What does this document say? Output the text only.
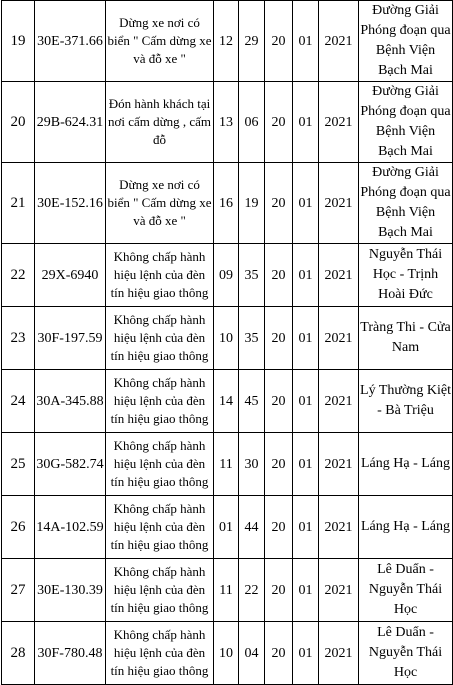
19	30E-371.66	Dừng xe nơi có biển " Cấm dừng xe và đỗ xe "	12	29	20	01	2021	Đường Giải Phóng đoạn qua Bệnh Viện Bạch Mai
20	29B-624.31	Đón hành khách tại nơi cấm dừng , cấm đỗ	13	06	20	01	2021	Đường Giải Phóng đoạn qua Bệnh Viện Bạch Mai
21	30E-152.16	Dừng xe nơi có biển " Cấm dừng xe và đỗ xe "	16	19	20	01	2021	Đường Giải Phóng đoạn qua Bệnh Viện Bạch Mai
22	29X-6940	Không chấp hành hiệu lệnh của đèn tín hiệu giao thông	09	35	20	01	2021	Nguyễn Thái Học - Trịnh Hoài Đức
23	30F-197.59	Không chấp hành hiệu lệnh của đèn tín hiệu giao thông	10	35	20	01	2021	Tràng Thi - Cửa Nam
24	30A-345.88	Không chấp hành hiệu lệnh của đèn tín hiệu giao thông	14	45	20	01	2021	Lý Thường Kiệt - Bà Triệu
25	30G-582.74	Không chấp hành hiệu lệnh của đèn tín hiệu giao thông	11	30	20	01	2021	Láng Hạ - Láng
26	14A-102.59	Không chấp hành hiệu lệnh của đèn tín hiệu giao thông	01	44	20	01	2021	Láng Hạ - Láng
27	30E-130.39	Không chấp hành hiệu lệnh của đèn tín hiệu giao thông	11	22	20	01	2021	Lê Duẩn - Nguyễn Thái Học
28	30F-780.48	Không chấp hành hiệu lệnh của đèn tín hiệu giao thông	10	04	20	01	2021	Lê Duẩn - Nguyễn Thái Học
